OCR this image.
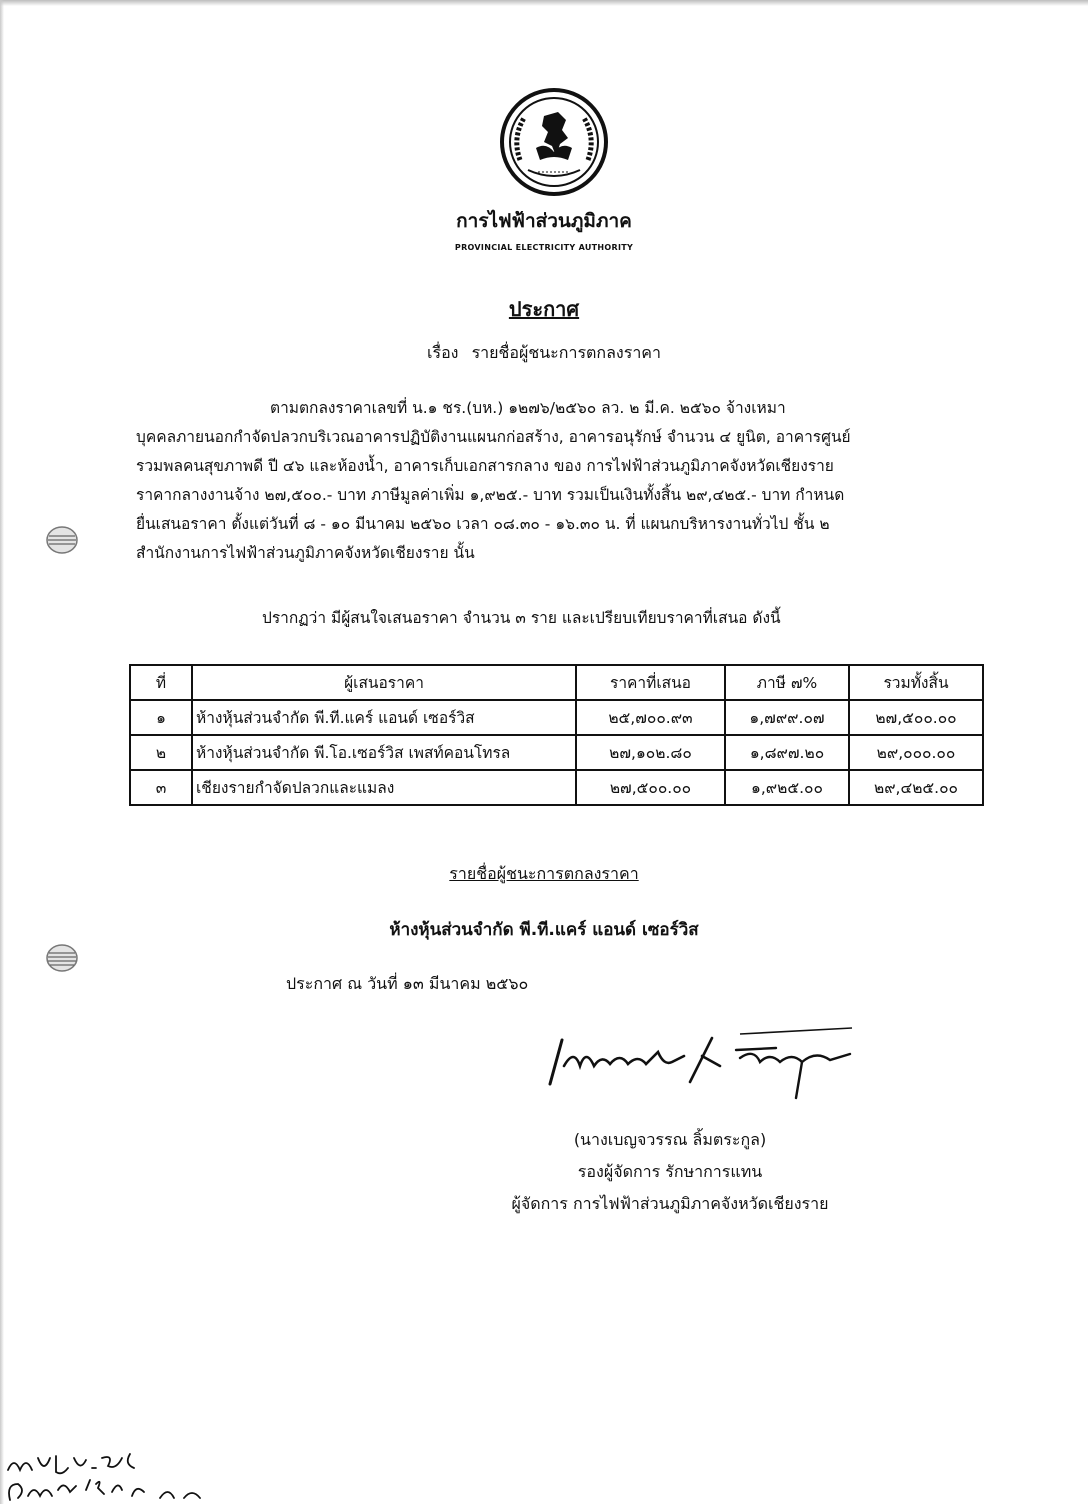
การไฟฟ้าส่วนภูมิภาค
PROVINCIAL ELECTRICITY AUTHORITY
ประกาศ
เรื่อง รายชื่อผู้ชนะการตกลงราคา
ตามตกลงราคาเลขที่ น.๑ ชร.(บห.) ๑๒๗๖/๒๕๖๐ ลว. ๒ มี.ค. ๒๕๖๐ จ้างเหมา
บุคคลภายนอกกำจัดปลวกบริเวณอาคารปฏิบัติงานแผนกก่อสร้าง, อาคารอนุรักษ์ จำนวน ๔ ยูนิต, อาคารศูนย์
รวมพลคนสุขภาพดี ปี ๔๖ และห้องน้ำ, อาคารเก็บเอกสารกลาง ของ การไฟฟ้าส่วนภูมิภาคจังหวัดเชียงราย
ราคากลางงานจ้าง ๒๗,๕๐๐.- บาท ภาษีมูลค่าเพิ่ม ๑,๙๒๕.- บาท รวมเป็นเงินทั้งสิ้น ๒๙,๔๒๕.- บาท กำหนด
ยื่นเสนอราคา ตั้งแต่วันที่ ๘ - ๑๐ มีนาคม ๒๕๖๐ เวลา ๐๘.๓๐ - ๑๖.๓๐ น. ที่ แผนกบริหารงานทั่วไป ชั้น ๒
สำนักงานการไฟฟ้าส่วนภูมิภาคจังหวัดเชียงราย นั้น
ปรากฏว่า มีผู้สนใจเสนอราคา จำนวน ๓ ราย และเปรียบเทียบราคาที่เสนอ ดังนี้
ที่	ผู้เสนอราคา	ราคาที่เสนอ	ภาษี ๗%	รวมทั้งสิ้น
๑	ห้างหุ้นส่วนจำกัด พี.ที.แคร์ แอนด์ เซอร์วิส	๒๕,๗๐๐.๙๓	๑,๗๙๙.๐๗	๒๗,๕๐๐.๐๐
๒	ห้างหุ้นส่วนจำกัด พี.โอ.เซอร์วิส เพสท์คอนโทรล	๒๗,๑๐๒.๘๐	๑,๘๙๗.๒๐	๒๙,๐๐๐.๐๐
๓	เชียงรายกำจัดปลวกและแมลง	๒๗,๕๐๐.๐๐	๑,๙๒๕.๐๐	๒๙,๔๒๕.๐๐
รายชื่อผู้ชนะการตกลงราคา
ห้างหุ้นส่วนจำกัด พี.ที.แคร์ แอนด์ เซอร์วิส
ประกาศ ณ วันที่ ๑๓ มีนาคม ๒๕๖๐
(นางเบญจวรรณ ลิ้มตระกูล)
รองผู้จัดการ รักษาการแทน
ผู้จัดการ การไฟฟ้าส่วนภูมิภาคจังหวัดเชียงราย
